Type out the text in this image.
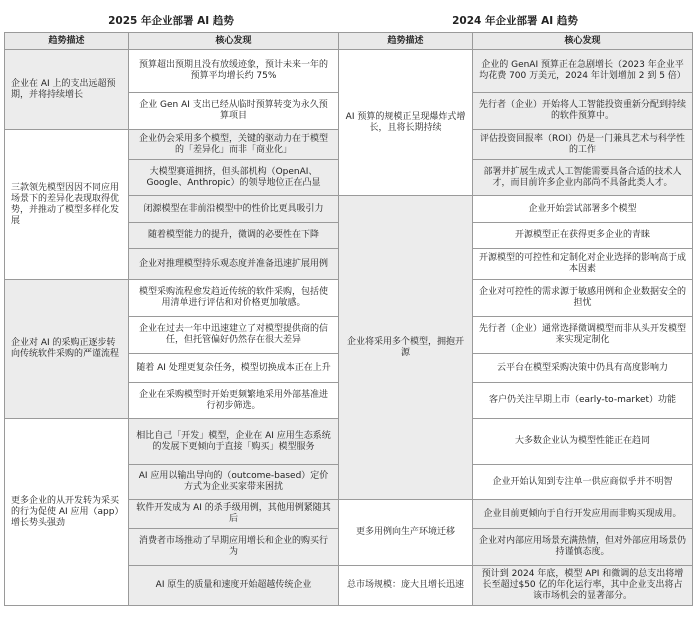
2025 年企业部署 AI 趋势
趋势描述	核心发现
企业在 AI 上的支出远超预期，并将持续增长	预算超出预期且没有放缓迹象，预计未来一年的预算平均增长约 75%
	企业 Gen AI 支出已经从临时预算转变为永久预算项目
三款领先模型因因不同应用场景下的差异化表现取得优势，并推动了模型多样化发展	企业仍会采用多个模型，关键的驱动力在于模型的「差异化」而非「商业化」
	大模型赛道拥挤，但头部机构（OpenAI、Google、Anthropic）的领导地位正在凸显
	闭源模型在非前沿模型中的性价比更具吸引力
	随着模型能力的提升，微调的必要性在下降
	企业对推理模型持乐观态度并准备迅速扩展用例
企业对 AI 的采购正逐步转向传统软件采购的严谨流程	模型采购流程愈发趋近传统的软件采购，包括使用清单进行评估和对价格更加敏感。
	企业在过去一年中迅速建立了对模型提供商的信任，但托管偏好仍然存在很大差异
	随着 AI 处理更复杂任务，模型切换成本正在上升
	企业在采购模型时开始更频繁地采用外部基准进行初步筛选。
更多企业的从开发转为采买的行为促使 AI 应用（app）增长势头强劲	相比自己「开发」模型，企业在 AI 应用生态系统的发展下更倾向于直接「购买」模型服务
	AI 应用以输出导向的（outcome-based）定价方式为企业买家带来困扰
	软件开发成为 AI 的杀手级用例，其他用例紧随其后
	消费者市场推动了早期应用增长和企业的购买行为
	AI 原生的质量和速度开始超越传统企业
2024 年企业部署 AI 趋势
趋势描述	核心发现
AI 预算的规模正呈现爆炸式增长，且将长期持续	企业的 GenAI 预算正在急剧增长（2023 年企业平均花费 700 万美元，2024 年计划增加 2 到 5 倍）
	先行者（企业）开始将人工智能投资重新分配到持续的软件预算中。
	评估投资回报率（ROI）仍是一门兼具艺术与科学性的工作
	部署并扩展生成式人工智能需要具备合适的技术人才，而目前许多企业内部尚不具备此类人才。
企业将采用多个模型，拥抱开源	企业开始尝试部署多个模型
	开源模型正在获得更多企业的青睐
	开源模型的可控性和定制化对企业选择的影响高于成本因素
	企业对可控性的需求源于敏感用例和企业数据安全的担忧
	先行者（企业）通常选择微调模型而非从头开发模型来实现定制化
	云平台在模型采购决策中仍具有高度影响力
	客户仍关注早期上市（early-to-market）功能
	大多数企业认为模型性能正在趋同
	企业开始认知到专注单一供应商似乎并不明智
更多用例向生产环境迁移	企业目前更倾向于自行开发应用而非购买现成用。
	企业对内部应用场景充满热情，但对外部应用场景仍持谨慎态度。
总市场规模：庞大且增长迅速	预计到 2024 年底，模型 API 和微调的总支出将增长至超过$50 亿的年化运行率，其中企业支出将占该市场机会的显著部分。
